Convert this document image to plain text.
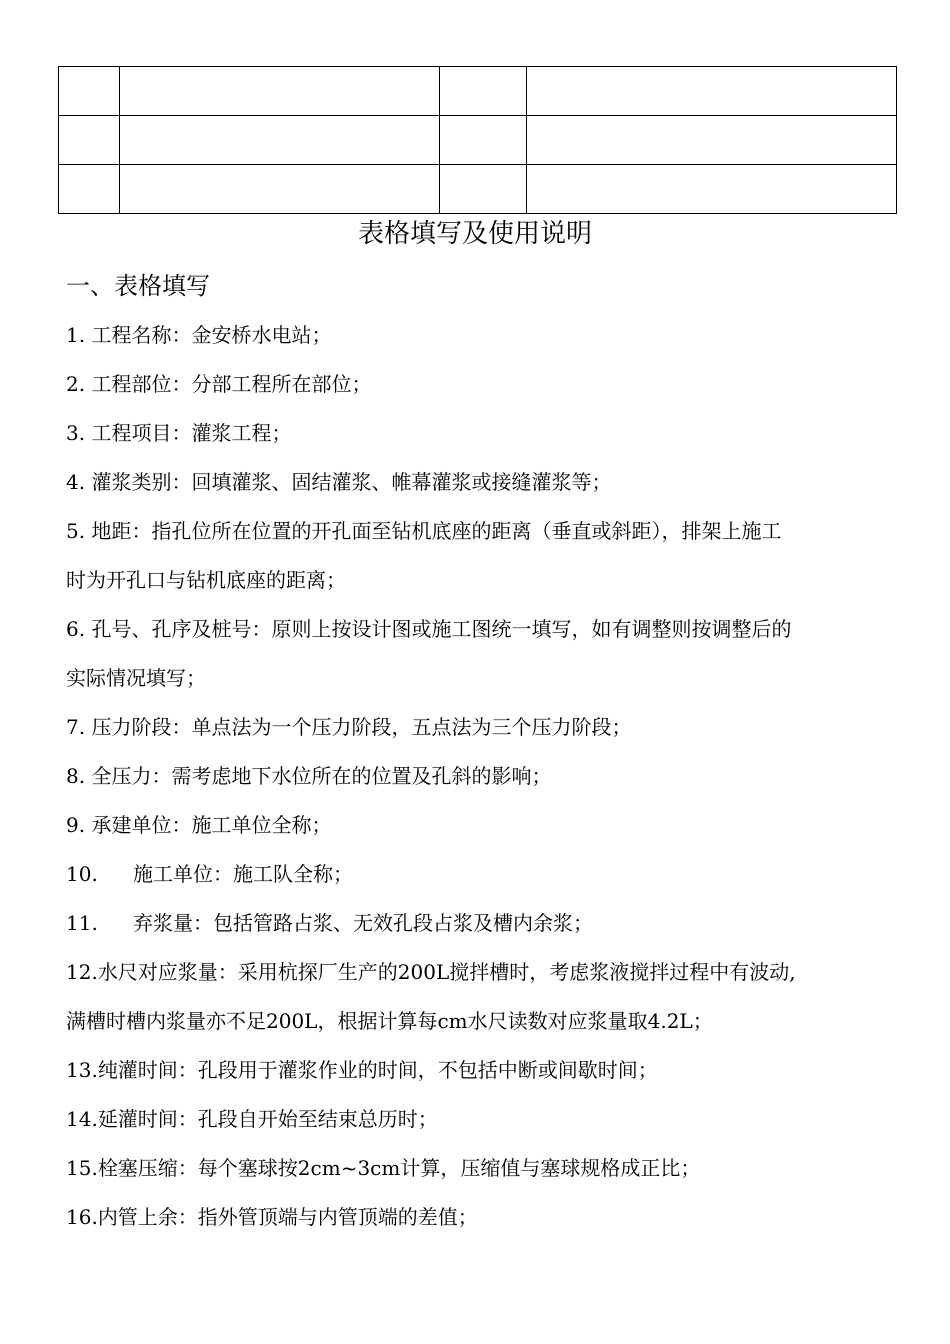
表格填写及使用说明
一、表格填写
1. 工程名称：金安桥水电站；
2. 工程部位：分部工程所在部位；
3. 工程项目：灌浆工程；
4. 灌浆类别：回填灌浆、固结灌浆、帷幕灌浆或接缝灌浆等；
5. 地距：指孔位所在位置的开孔面至钻机底座的距离（垂直或斜距），排架上施工
时为开孔口与钻机底座的距离；
6. 孔号、孔序及桩号：原则上按设计图或施工图统一填写，如有调整则按调整后的
实际情况填写；
7. 压力阶段：单点法为一个压力阶段，五点法为三个压力阶段；
8. 全压力：需考虑地下水位所在的位置及孔斜的影响；
9. 承建单位：施工单位全称；
10. 施工单位：施工队全称；
11. 弃浆量：包括管路占浆、无效孔段占浆及槽内余浆；
12.水尺对应浆量：采用杭探厂生产的200L搅拌槽时，考虑浆液搅拌过程中有波动,
满槽时槽内浆量亦不足200L，根据计算每cm水尺读数对应浆量取4.2L；
13.纯灌时间：孔段用于灌浆作业的时间，不包括中断或间歇时间；
14.延灌时间：孔段自开始至结束总历时；
15.栓塞压缩：每个塞球按2cm~3cm计算，压缩值与塞球规格成正比；
16.内管上余：指外管顶端与内管顶端的差值；
